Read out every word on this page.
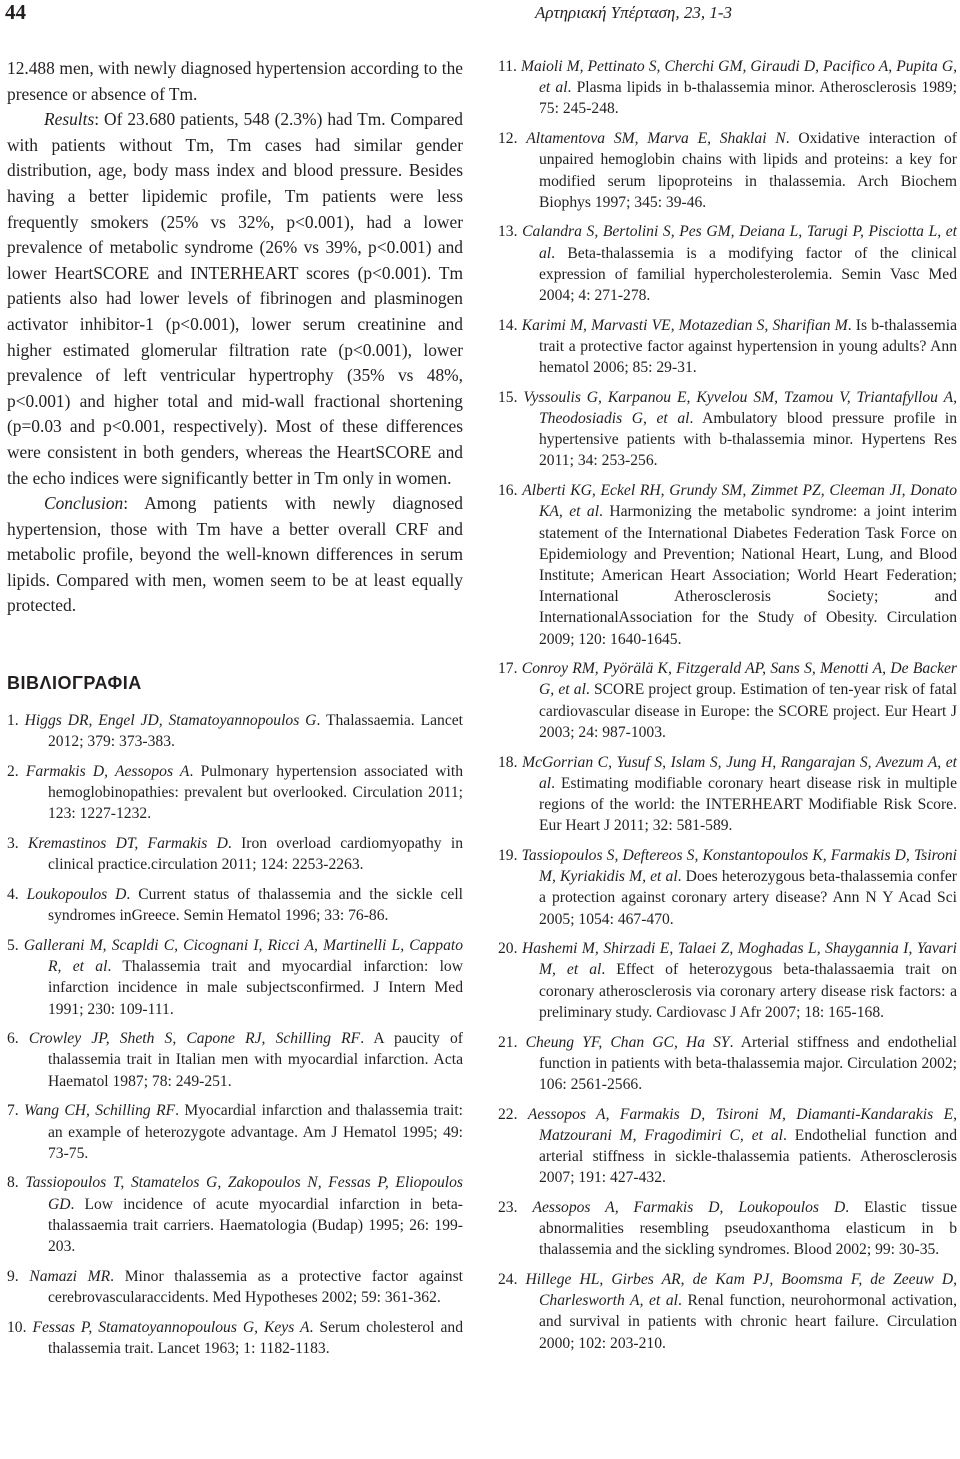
44	Αρτηριακή Υπέρταση, 23, 1-3

12.488 men, with newly diagnosed hypertension according to the presence or absence of Tm.

Results: Of 23.680 patients, 548 (2.3%) had Tm. Compared with patients without Tm, Tm cases had similar gender distribution, age, body mass index and blood pressure. Besides having a better lipidemic profile, Tm patients were less frequently smokers (25% vs 32%, p<0.001), had a lower prevalence of metabolic syndrome (26% vs 39%, p<0.001) and lower HeartSCORE and INTERHEART scores (p<0.001). Tm patients also had lower levels of fibrinogen and plasminogen activator inhibitor-1 (p<0.001), lower serum creatinine and higher estimated glomerular filtration rate (p<0.001), lower prevalence of left ventricular hypertrophy (35% vs 48%, p<0.001) and higher total and mid-wall fractional shortening (p=0.03 and p<0.001, respectively). Most of these differences were consistent in both genders, whereas the HeartSCORE and the echo indices were significantly better in Tm only in women.

Conclusion: Among patients with newly diagnosed hypertension, those with Tm have a better overall CRF and metabolic profile, beyond the well-known differences in serum lipids. Compared with men, women seem to be at least equally protected.

ΒΙΒΛΙΟΓΡΑΦΙΑ
1. Higgs DR, Engel JD, Stamatoyannopoulos G. Thalassaemia. Lancet 2012; 379: 373-383.
2. Farmakis D, Aessopos A. Pulmonary hypertension associated with hemoglobinopathies: prevalent but overlooked. Circulation 2011; 123: 1227-1232.
3. Kremastinos DT, Farmakis D. Iron overload cardiomyopathy in clinical practice.circulation 2011; 124: 2253-2263.
4. Loukopoulos D. Current status of thalassemia and the sickle cell syndromes inGreece. Semin Hematol 1996; 33: 76-86.
5. Gallerani M, Scapldi C, Cicognani I, Ricci A, Martinelli L, Cappato R, et al. Thalassemia trait and myocardial infarction: low infarction incidence in male subjectsconfirmed. J Intern Med 1991; 230: 109-111.
6. Crowley JP, Sheth S, Capone RJ, Schilling RF. A paucity of thalassemia trait in Italian men with myocardial infarction. Acta Haematol 1987; 78: 249-251.
7. Wang CH, Schilling RF. Myocardial infarction and thalassemia trait: an example of heterozygote advantage. Am J Hematol 1995; 49: 73-75.
8. Tassiopoulos T, Stamatelos G, Zakopoulos N, Fessas P, Eliopoulos GD. Low incidence of acute myocardial infarction in beta-thalassaemia trait carriers. Haematologia (Budap) 1995; 26: 199-203.
9. Namazi MR. Minor thalassemia as a protective factor against cerebrovascularaccidents. Med Hypotheses 2002; 59: 361-362.
10. Fessas P, Stamatoyannopoulous G, Keys A. Serum cholesterol and thalassemia trait. Lancet 1963; 1: 1182-1183.
11. Maioli M, Pettinato S, Cherchi GM, Giraudi D, Pacifico A, Pupita G, et al. Plasma lipids in b-thalassemia minor. Atherosclerosis 1989; 75: 245-248.
12. Altamentova SM, Marva E, Shaklai N. Oxidative interaction of unpaired hemoglobin chains with lipids and proteins: a key for modified serum lipoproteins in thalassemia. Arch Biochem Biophys 1997; 345: 39-46.
13. Calandra S, Bertolini S, Pes GM, Deiana L, Tarugi P, Pisciotta L, et al. Beta-thalassemia is a modifying factor of the clinical expression of familial hypercholesterolemia. Semin Vasc Med 2004; 4: 271-278.
14. Karimi M, Marvasti VE, Motazedian S, Sharifian M. Is b-thalassemia trait a protective factor against hypertension in young adults? Ann hematol 2006; 85: 29-31.
15. Vyssoulis G, Karpanou E, Kyvelou SM, Tzamou V, Triantafyllou A, Theodosiadis G, et al. Ambulatory blood pressure profile in hypertensive patients with b-thalassemia minor. Hypertens Res 2011; 34: 253-256.
16. Alberti KG, Eckel RH, Grundy SM, Zimmet PZ, Cleeman JI, Donato KA, et al. Harmonizing the metabolic syndrome: a joint interim statement of the International Diabetes Federation Task Force on Epidemiology and Prevention; National Heart, Lung, and Blood Institute; American Heart Association; World Heart Federation; International Atherosclerosis Society; and InternationalAssociation for the Study of Obesity. Circulation 2009; 120: 1640-1645.
17. Conroy RM, Pyörälä K, Fitzgerald AP, Sans S, Menotti A, De Backer G, et al. SCORE project group. Estimation of ten-year risk of fatal cardiovascular disease in Europe: the SCORE project. Eur Heart J 2003; 24: 987-1003.
18. McGorrian C, Yusuf S, Islam S, Jung H, Rangarajan S, Avezum A, et al. Estimating modifiable coronary heart disease risk in multiple regions of the world: the INTERHEART Modifiable Risk Score. Eur Heart J 2011; 32: 581-589.
19. Tassiopoulos S, Deftereos S, Konstantopoulos K, Farmakis D, Tsironi M, Kyriakidis M, et al. Does heterozygous beta-thalassemia confer a protection against coronary artery disease? Ann N Y Acad Sci 2005; 1054: 467-470.
20. Hashemi M, Shirzadi E, Talaei Z, Moghadas L, Shaygannia I, Yavari M, et al. Effect of heterozygous beta-thalassaemia trait on coronary atherosclerosis via coronary artery disease risk factors: a preliminary study. Cardiovasc J Afr 2007; 18: 165-168.
21. Cheung YF, Chan GC, Ha SY. Arterial stiffness and endothelial function in patients with beta-thalassemia major. Circulation 2002; 106: 2561-2566.
22. Aessopos A, Farmakis D, Tsironi M, Diamanti-Kandarakis E, Matzourani M, Fragodimiri C, et al. Endothelial function and arterial stiffness in sickle-thalassemia patients. Atherosclerosis 2007; 191: 427-432.
23. Aessopos A, Farmakis D, Loukopoulos D. Elastic tissue abnormalities resembling pseudoxanthoma elasticum in b thalassemia and the sickling syndromes. Blood 2002; 99: 30-35.
24. Hillege HL, Girbes AR, de Kam PJ, Boomsma F, de Zeeuw D, Charlesworth A, et al. Renal function, neurohormonal activation, and survival in patients with chronic heart failure. Circulation 2000; 102: 203-210.
